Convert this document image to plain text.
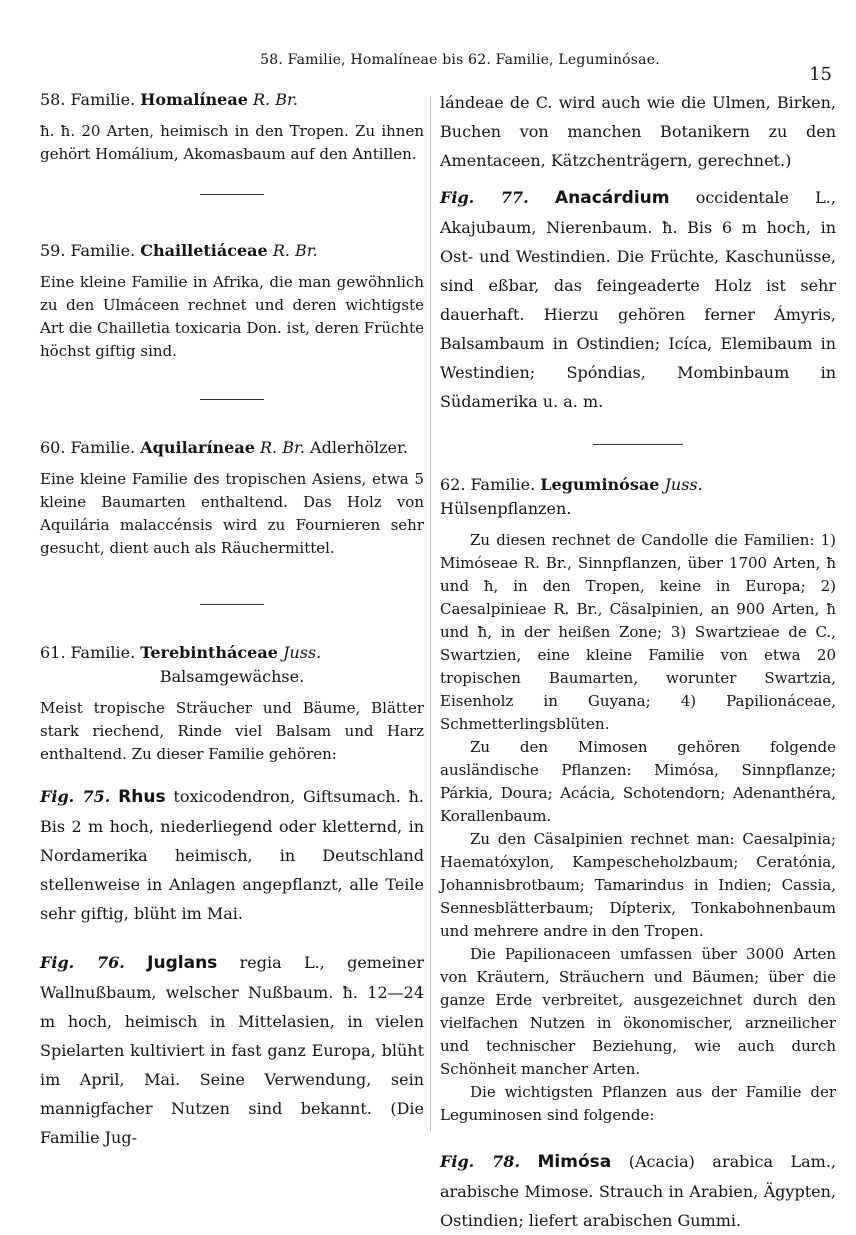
58. Familie, Homalíneae bis 62. Familie, Leguminósae.
15
58. Familie. Homalíneae R. Br.

ħ. ħ. 20 Arten, heimisch in den Tropen. Zu ihnen gehört Homálium, Akomasbaum auf den Antillen.

59. Familie. Chailletiáceae R. Br.

Eine kleine Familie in Afrika, die man gewöhnlich zu den Ulmáceen rechnet und deren wichtigste Art die Chailletia toxicaria Don. ist, deren Früchte höchst giftig sind.

60. Familie. Aquilaríneae R. Br. Adlerhölzer.

Eine kleine Familie des tropischen Asiens, etwa 5 kleine Baumarten enthaltend. Das Holz von Aquilária malaccénsis wird zu Fournieren sehr gesucht, dient auch als Räuchermittel.

61. Familie. Terebintháceae Juss.
Balsamgewächse.

Meist tropische Sträucher und Bäume, Blätter stark riechend, Rinde viel Balsam und Harz enthaltend. Zu dieser Familie gehören:

Fig. 75. Rhus toxicodendron, Giftsumach. ħ. Bis 2 m hoch, niederliegend oder kletternd, in Nordamerika heimisch, in Deutschland stellenweise in Anlagen angepflanzt, alle Teile sehr giftig, blüht im Mai.

Fig. 76. Juglans regia L., gemeiner Wallnußbaum, welscher Nußbaum. ħ. 12—24 m hoch, heimisch in Mittelasien, in vielen Spielarten kultiviert in fast ganz Europa, blüht im April, Mai. Seine Verwendung, sein mannigfacher Nutzen sind bekannt. (Die Familie Jug-

lándeae de C. wird auch wie die Ulmen, Birken, Buchen von manchen Botanikern zu den Amentaceen, Kätzchenträgern, gerechnet.)

Fig. 77. Anacárdium occidentale L., Akajubaum, Nierenbaum. ħ. Bis 6 m hoch, in Ost- und Westindien. Die Früchte, Kaschunüsse, sind eßbar, das feingeaderte Holz ist sehr dauerhaft. Hierzu gehören ferner Ámyris, Balsambaum in Ostindien; Icíca, Elemibaum in Westindien; Spóndias, Mombinbaum in Südamerika u. a. m.

62. Familie. Leguminósae Juss. Hülsenpflanzen.

Zu diesen rechnet de Candolle die Familien: 1) Mimóseae R. Br., Sinnpflanzen, über 1700 Arten, ħ und ħ, in den Tropen, keine in Europa; 2) Caesalpinieae R. Br., Cäsalpinien, an 900 Arten, ħ und ħ, in der heißen Zone; 3) Swartzieae de C., Swartzien, eine kleine Familie von etwa 20 tropischen Baumarten, worunter Swartzia, Eisenholz in Guyana; 4) Papilionáceae, Schmetterlingsblüten.

Zu den Mimosen gehören folgende ausländische Pflanzen: Mimósa, Sinnpflanze; Párkia, Doura; Acácia, Schotendorn; Adenanthéra, Korallenbaum.

Zu den Cäsalpinien rechnet man: Caesalpinia; Haematóxylon, Kampescheholzbaum; Ceratónia, Johannisbrotbaum; Tamarindus in Indien; Cassia, Sennesblätterbaum; Dípterix, Tonkabohnenbaum und mehrere andre in den Tropen.

Die Papilionaceen umfassen über 3000 Arten von Kräutern, Sträuchern und Bäumen; über die ganze Erde verbreitet, ausgezeichnet durch den vielfachen Nutzen in ökonomischer, arzneilicher und technischer Beziehung, wie auch durch Schönheit mancher Arten.

Die wichtigsten Pflanzen aus der Familie der Leguminosen sind folgende:

Fig. 78. Mimósa (Acacia) arabica Lam., arabische Mimose. Strauch in Arabien, Ägypten, Ostindien; liefert arabischen Gummi.
